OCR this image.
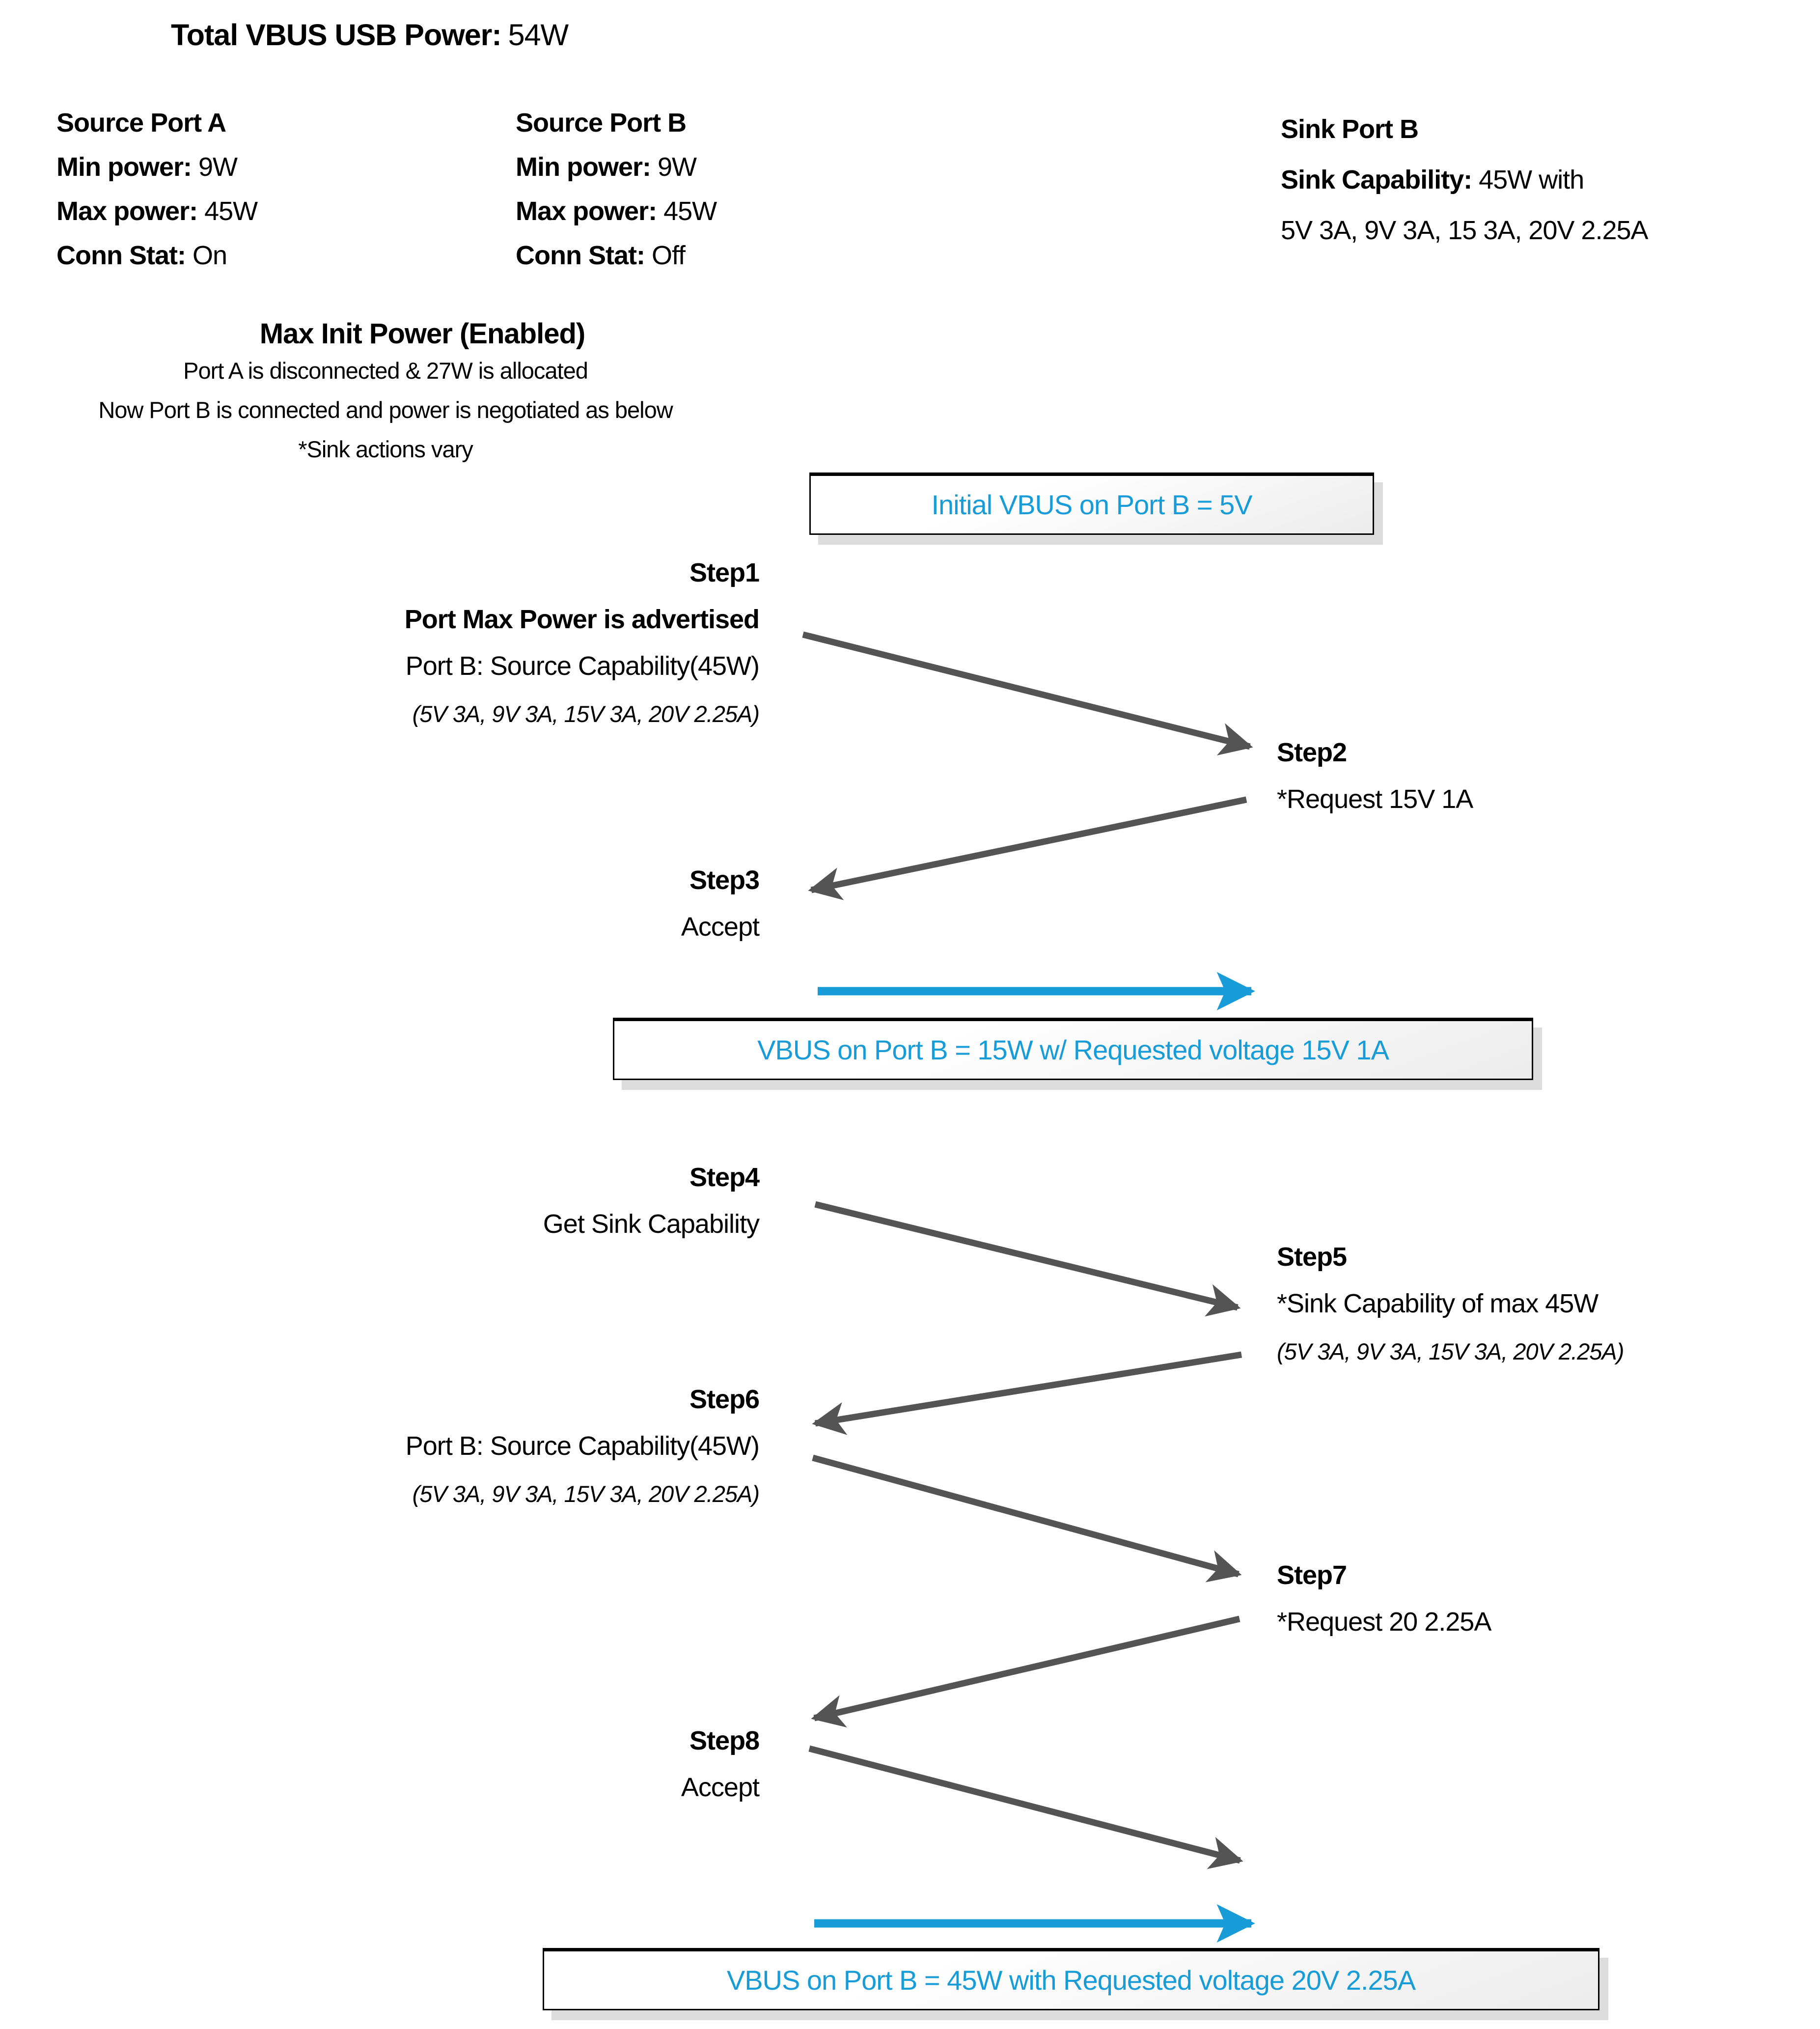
Total VBUS USB Power: 54W
Source Port A
Min power: 9W
Max power: 45W
Conn Stat: On
Source Port B
Min power: 9W
Max power: 45W
Conn Stat: Off
Sink Port B
Sink Capability: 45W with
5V 3A, 9V 3A, 15 3A, 20V 2.25A
Max Init Power (Enabled)
Port A is disconnected & 27W is allocated
Now Port B is connected and power is negotiated as below
*Sink actions vary
Initial VBUS on Port B = 5V
VBUS on Port B = 15W w/ Requested voltage 15V 1A
VBUS on Port B = 45W with Requested voltage 20V 2.25A
Step1
Port Max Power is advertised
Port B: Source Capability(45W)
(5V 3A, 9V 3A, 15V 3A, 20V 2.25A)
Step3
Accept
Step4
Get Sink Capability
Step6
Port B: Source Capability(45W)
(5V 3A, 9V 3A, 15V 3A, 20V 2.25A)
Step8
Accept
Step2
*Request 15V 1A
Step5
*Sink Capability of max 45W
(5V 3A, 9V 3A, 15V 3A, 20V 2.25A)
Step7
*Request 20 2.25A
